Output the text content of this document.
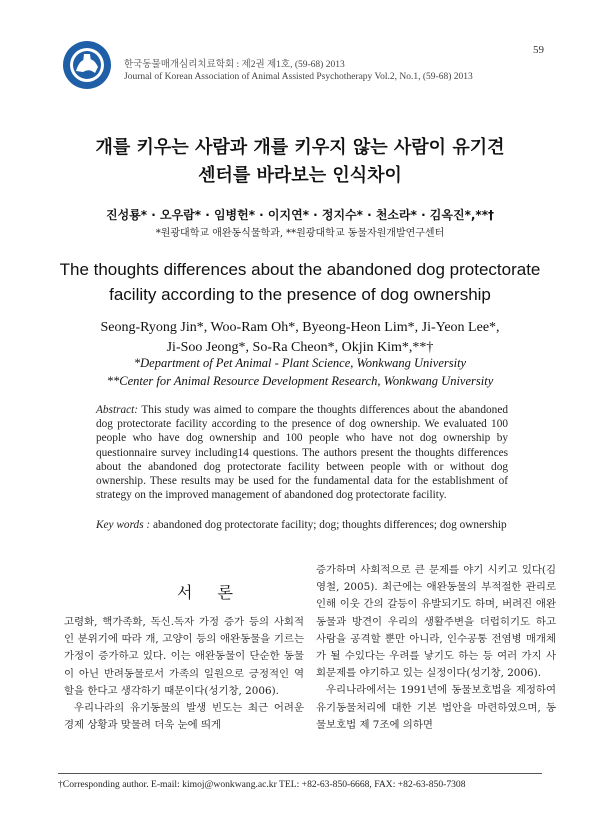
한국동물매개심리치료학회 : 제2권 제1호, (59-68) 2013
Journal of Korean Association of Animal Assisted Psychotherapy Vol.2, No.1, (59-68) 2013
59
개를 키우는 사람과 개를 키우지 않는 사람이 유기견
센터를 바라보는 인식차이
진성룡* · 오우람* · 임병헌* · 이지연* · 정지수* · 천소라* · 김옥진*,**†
*원광대학교 애완동식물학과, **원광대학교 동물자원개발연구센터
The thoughts differences about the abandoned dog protectorate
facility according to the presence of dog ownership
Seong-Ryong Jin*, Woo-Ram Oh*, Byeong-Heon Lim*, Ji-Yeon Lee*,
Ji-Soo Jeong*, So-Ra Cheon*, Okjin Kim*,**†
*Department of Pet Animal - Plant Science, Wonkwang University
**Center for Animal Resource Development Research, Wonkwang University
Abstract: This study was aimed to compare the thoughts differences about the abandoned dog protectorate facility according to the presence of dog ownership. We evaluated 100 people who have dog ownership and 100 people who have not dog ownership by questionnaire survey including14 questions. The authors present the thoughts differences about the abandoned dog protectorate facility between people with or without dog ownership. These results may be used for the fundamental data for the establishment of strategy on the improved management of abandoned dog protectorate facility.
Key words : abandoned dog protectorate facility; dog; thoughts differences; dog ownership
서 론

고령화, 핵가족화, 독신.독자 가정 증가 등의 사회적인 분위기에 따라 개, 고양이 등의 애완동물을 기르는 가정이 증가하고 있다. 이는 애완동물이 단순한 동물이 아닌 반려동물로서 가족의 일원으로 긍정적인 역할을 한다고 생각하기 때문이다(성기창, 2006).

우리나라의 유기동물의 발생 빈도는 최근 어려운 경제 상황과 맞물려 더욱 눈에 띄게

증가하며 사회적으로 큰 문제를 야기 시키고 있다(김영철, 2005). 최근에는 애완동물의 부적절한 관리로 인해 이웃 간의 갈등이 유발되기도 하며, 버려진 애완동물과 방견이 우리의 생활주변을 더럽히기도 하고 사람을 공격할 뿐만 아니라, 인수공통 전염병 매개체가 될 수있다는 우려를 낳기도 하는 등 여러 가지 사회문제를 야기하고 있는 실정이다(성기창, 2006).

우리나라에서는 1991년에 동물보호법을 제정하여 유기동물처리에 대한 기본 법안을 마련하였으며, 동물보호법 제 7조에 의하면

†Corresponding author. E-mail: kimoj@wonkwang.ac.kr TEL: +82-63-850-6668, FAX: +82-63-850-7308
